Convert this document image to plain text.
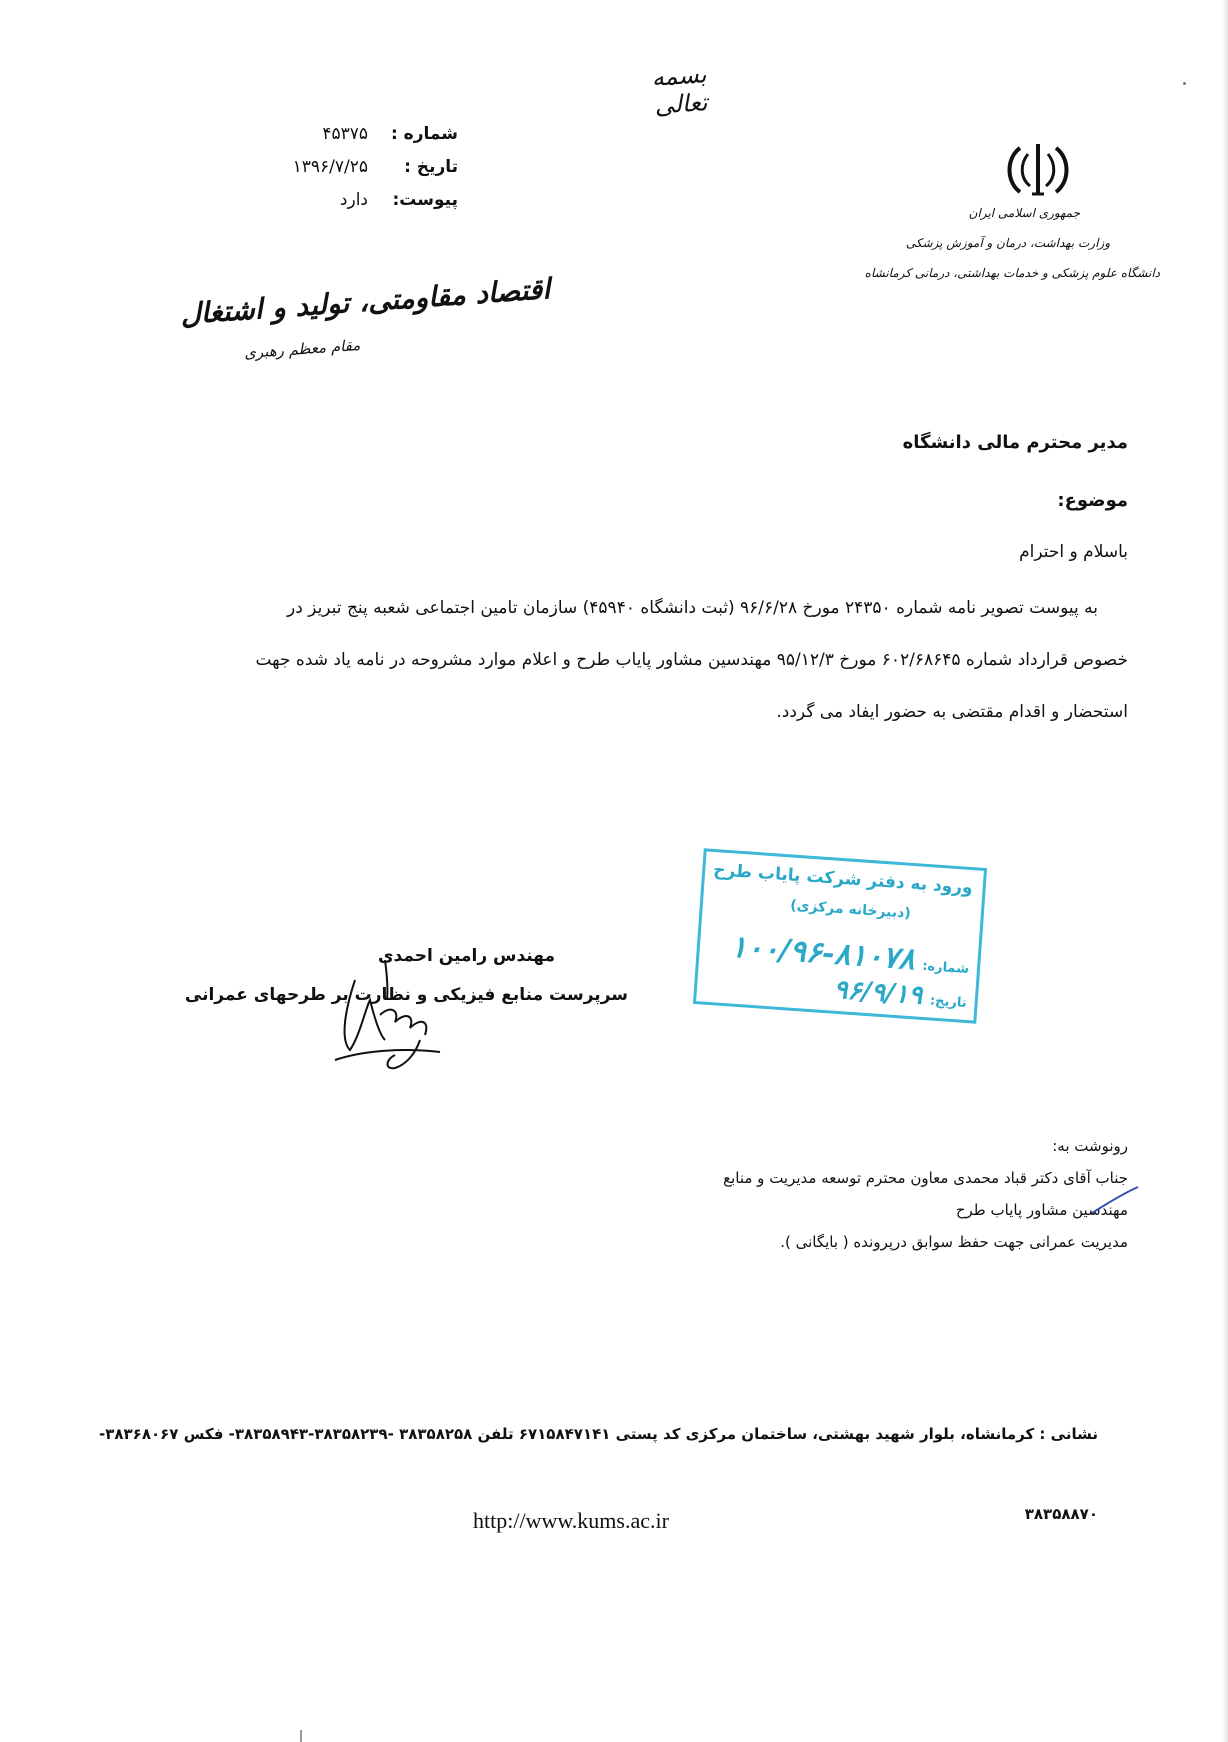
بسمه تعالی
شماره :
۴۵۳۷۵
تاریخ :
۱۳۹۶/۷/۲۵
پیوست:
دارد
جمهوری اسلامی ایران
وزارت بهداشت، درمان و آموزش پزشکی
دانشگاه علوم پزشکی و خدمات بهداشتی، درمانی کرمانشاه
اقتصاد مقاومتی، تولید و اشتغال
مقام معظم رهبری
مدیر محترم مالی دانشگاه
موضوع:
باسلام و احترام

به پیوست تصویر نامه شماره ۲۴۳۵۰ مورخ ۹۶/۶/۲۸ (ثبت دانشگاه ۴۵۹۴۰) سازمان تامین اجتماعی شعبه پنج تبریز در

خصوص قرارداد شماره ۶۰۲/۶۸۶۴۵ مورخ ۹۵/۱۲/۳ مهندسین مشاور پایاب طرح و اعلام موارد مشروحه در نامه یاد شده جهت

استحضار و اقدام مقتضی به حضور ایفاد می گردد.

ورود به دفتر شرکت پایاب طرح
(دبیرخانه مرکزی)
شماره:
۱۰۰/۹۶-۸۱۰۷۸
تاریخ:
۹۶/۹/۱۹
مهندس رامین احمدی
سرپرست منابع فیزیکی و نظارت بر طرحهای عمرانی
رونوشت به:
جناب آقای دکتر قباد محمدی معاون محترم توسعه مدیریت و منابع
مهندسین مشاور پایاب طرح
مدیریت عمرانی جهت حفظ سوابق درپرونده ( بایگانی ).
نشانی : کرمانشاه، بلوار شهید بهشتی، ساختمان مرکزی کد پستی ۶۷۱۵۸۴۷۱۴۱ تلفن ۳۸۳۵۸۲۵۸ -۳۸۳۵۸۲۳۹-۳۸۳۵۸۹۴۳- فکس ۳۸۳۶۸۰۶۷-
۳۸۳۵۸۸۷۰
http://www.kums.ac.ir
